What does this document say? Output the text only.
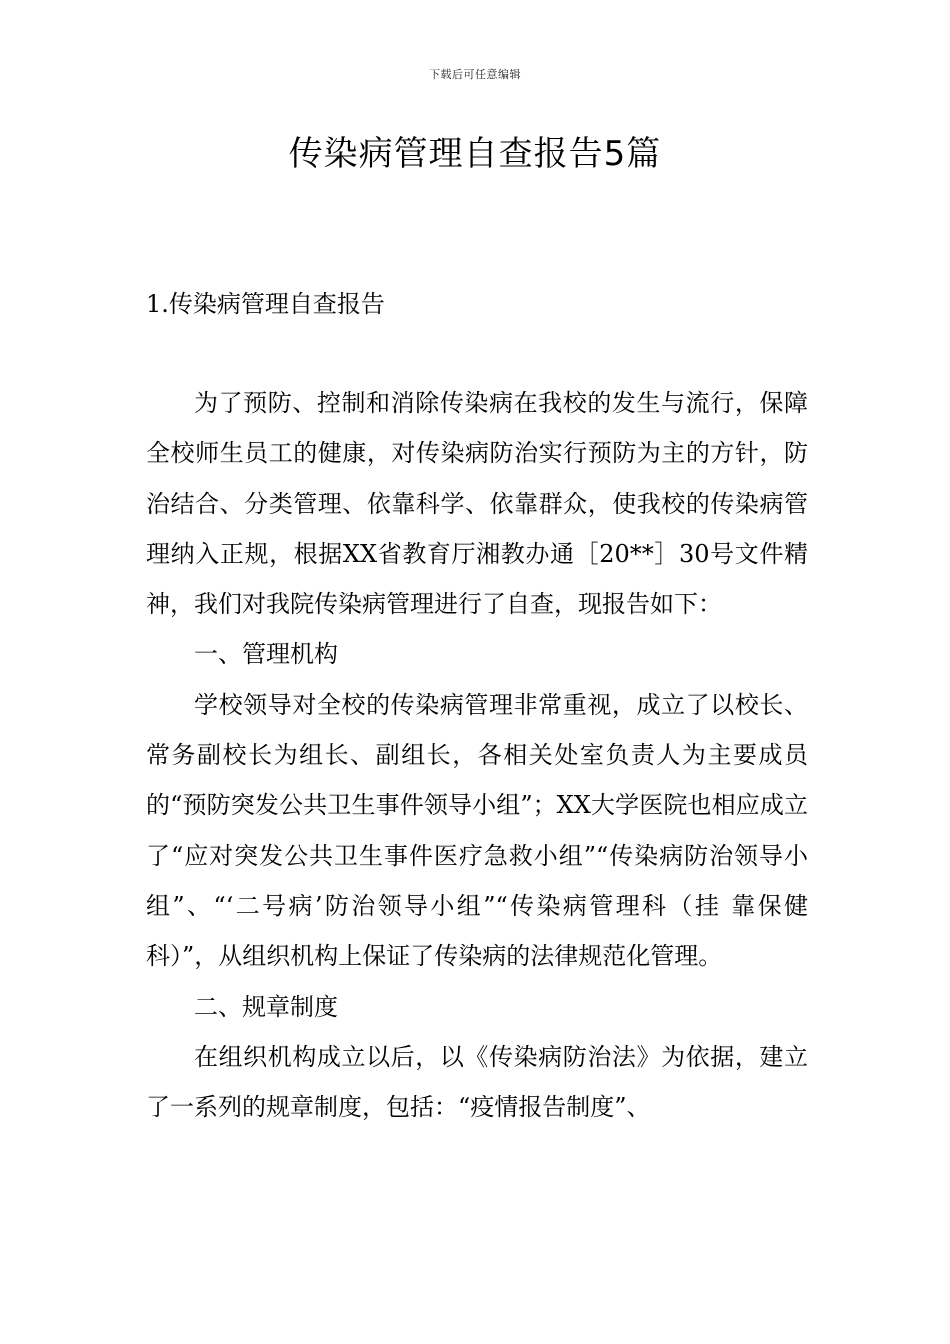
下载后可任意编辑
传染病管理自查报告5篇
1.传染病管理自查报告

为了预防、控制和消除传染病在我校的发生与流行，保障全校师生员工的健康，对传染病防治实行预防为主的方针，防治结合、分类管理、依靠科学、依靠群众，使我校的传染病管理纳入正规，根据XX省教育厅湘教办通［20**］30号文件精神，我们对我院传染病管理进行了自查，现报告如下：

一、管理机构

学校领导对全校的传染病管理非常重视，成立了以校长、常务副校长为组长、副组长，各相关处室负责人为主要成员的“预防突发公共卫生事件领导小组”；XX大学医院也相应成立了“应对突发公共卫生事件医疗急救小组”“传染病防治领导小组”、“‘二号病’防治领导小组”“传染病管理科（挂 靠保健科）”，从组织机构上保证了传染病的法律规范化管理。

二、规章制度

在组织机构成立以后，以《传染病防治法》为依据，建立了一系列的规章制度，包括：“疫情报告制度”、
